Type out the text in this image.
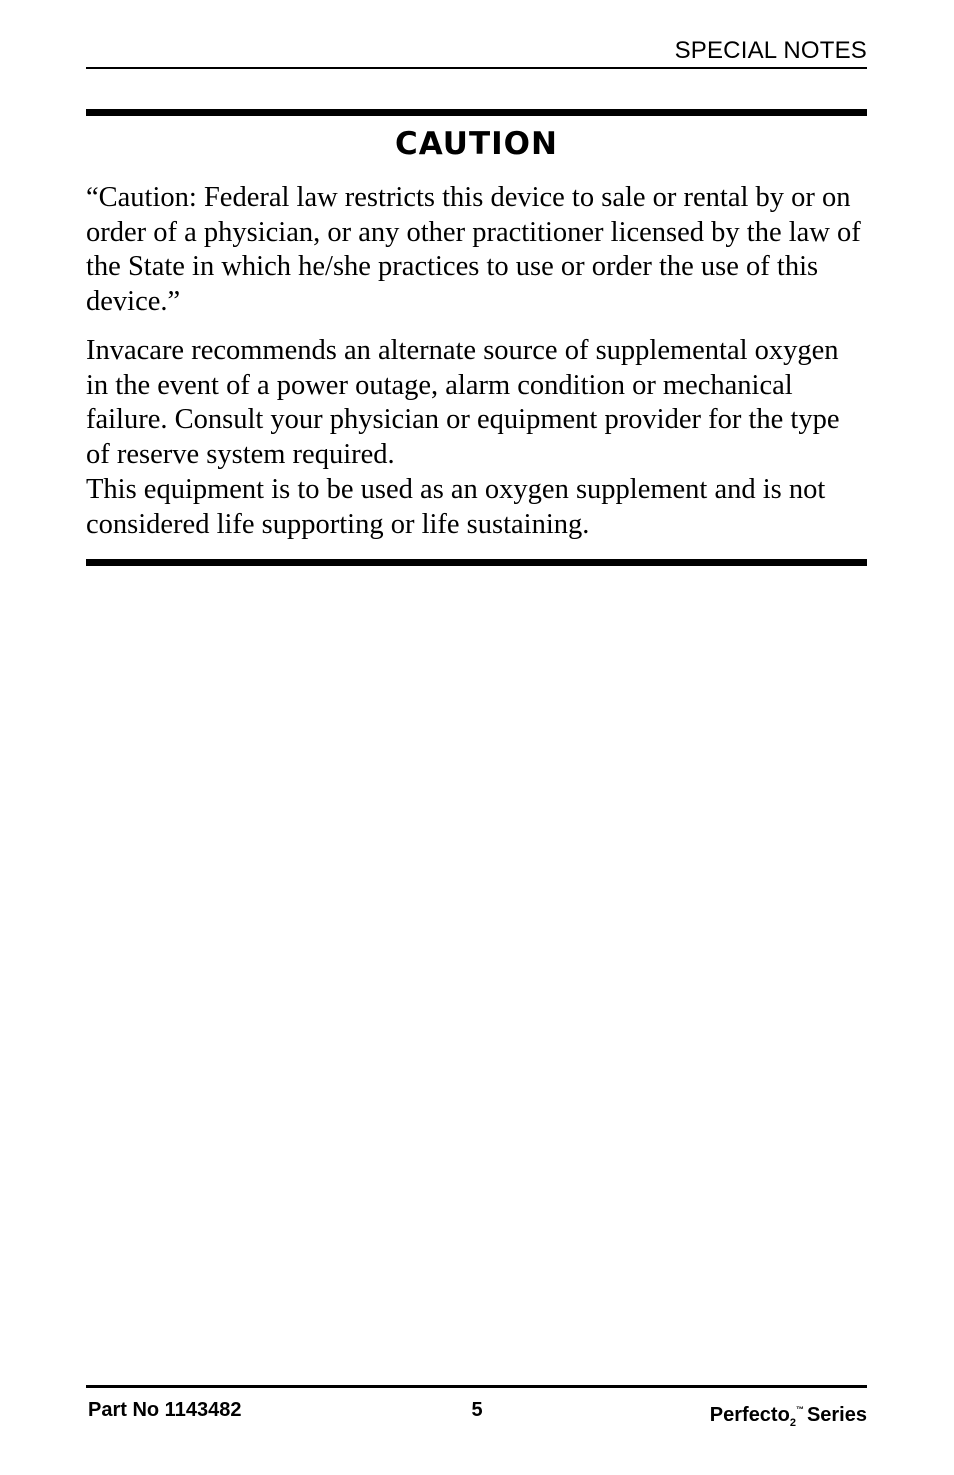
SPECIAL NOTES
CAUTION

“Caution: Federal law restricts this device to sale or rental by or on order of a physician, or any other practitioner licensed by the law of the State in which he/she practices to use or order the use of this device.”

Invacare recommends an alternate source of supplemental oxygen in the event of a power outage, alarm condition or mechanical failure. Consult your physician or equipment provider for the type of reserve system required.

This equipment is to be used as an oxygen supplement and is not considered life supporting or life sustaining.

Part No 1143482	5	Perfecto$_2$™ Series
